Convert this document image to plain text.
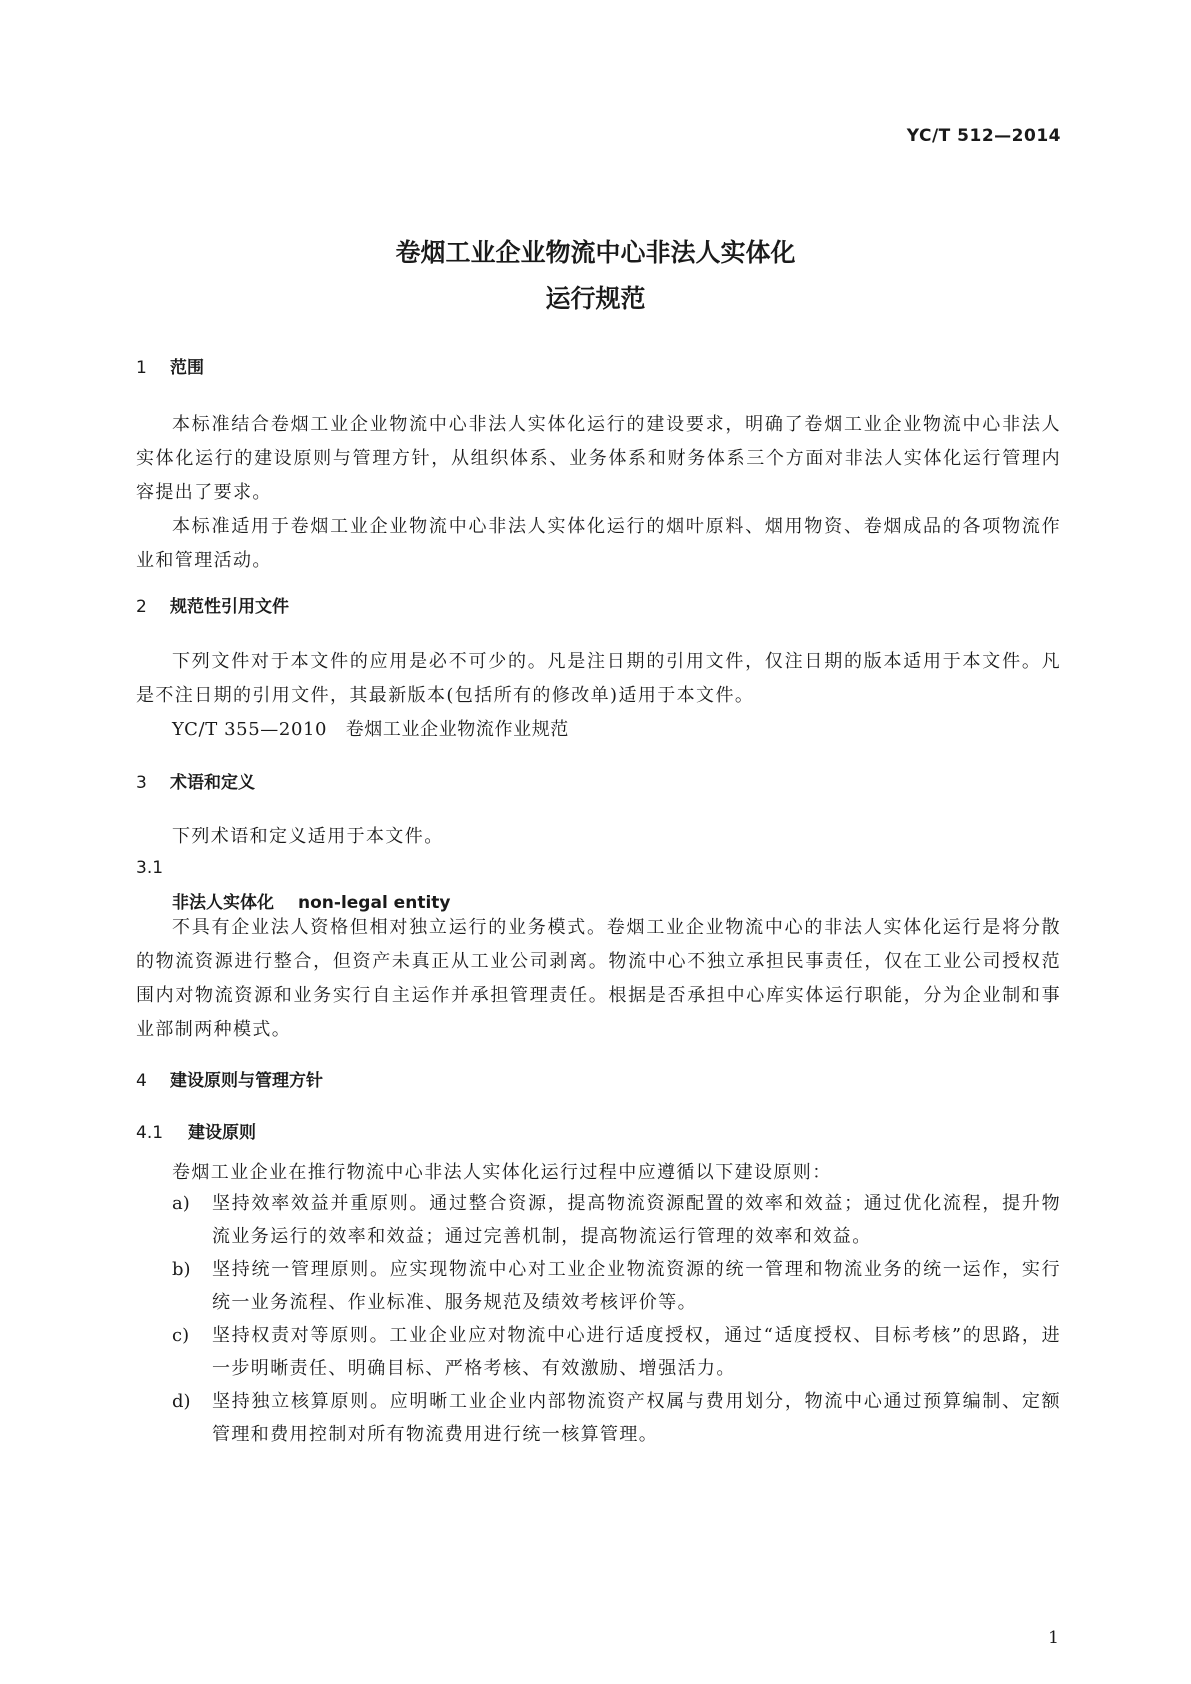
YC/T 512—2014

卷烟工业企业物流中心非法人实体化
运行规范
1 范围

本标准结合卷烟工业企业物流中心非法人实体化运行的建设要求，明确了卷烟工业企业物流中心非法人实体化运行的建设原则与管理方针，从组织体系、业务体系和财务体系三个方面对非法人实体化运行管理内容提出了要求。

本标准适用于卷烟工业企业物流中心非法人实体化运行的烟叶原料、烟用物资、卷烟成品的各项物流作业和管理活动。

2 规范性引用文件

下列文件对于本文件的应用是必不可少的。凡是注日期的引用文件，仅注日期的版本适用于本文件。凡是不注日期的引用文件，其最新版本(包括所有的修改单)适用于本文件。

YC/T 355—2010　卷烟工业企业物流作业规范

3 术语和定义

下列术语和定义适用于本文件。

3.1

非法人实体化 non-legal entity

不具有企业法人资格但相对独立运行的业务模式。卷烟工业企业物流中心的非法人实体化运行是将分散的物流资源进行整合，但资产未真正从工业公司剥离。物流中心不独立承担民事责任，仅在工业公司授权范围内对物流资源和业务实行自主运作并承担管理责任。根据是否承担中心库实体运行职能，分为企业制和事业部制两种模式。

4 建设原则与管理方针
4.1 建设原则

卷烟工业企业在推行物流中心非法人实体化运行过程中应遵循以下建设原则：

a) 坚持效率效益并重原则。通过整合资源，提高物流资源配置的效率和效益；通过优化流程，提升物流业务运行的效率和效益；通过完善机制，提高物流运行管理的效率和效益。
b) 坚持统一管理原则。应实现物流中心对工业企业物流资源的统一管理和物流业务的统一运作，实行统一业务流程、作业标准、服务规范及绩效考核评价等。
c) 坚持权责对等原则。工业企业应对物流中心进行适度授权，通过“适度授权、目标考核”的思路，进一步明晰责任、明确目标、严格考核、有效激励、增强活力。
d) 坚持独立核算原则。应明晰工业企业内部物流资产权属与费用划分，物流中心通过预算编制、定额管理和费用控制对所有物流费用进行统一核算管理。

1
